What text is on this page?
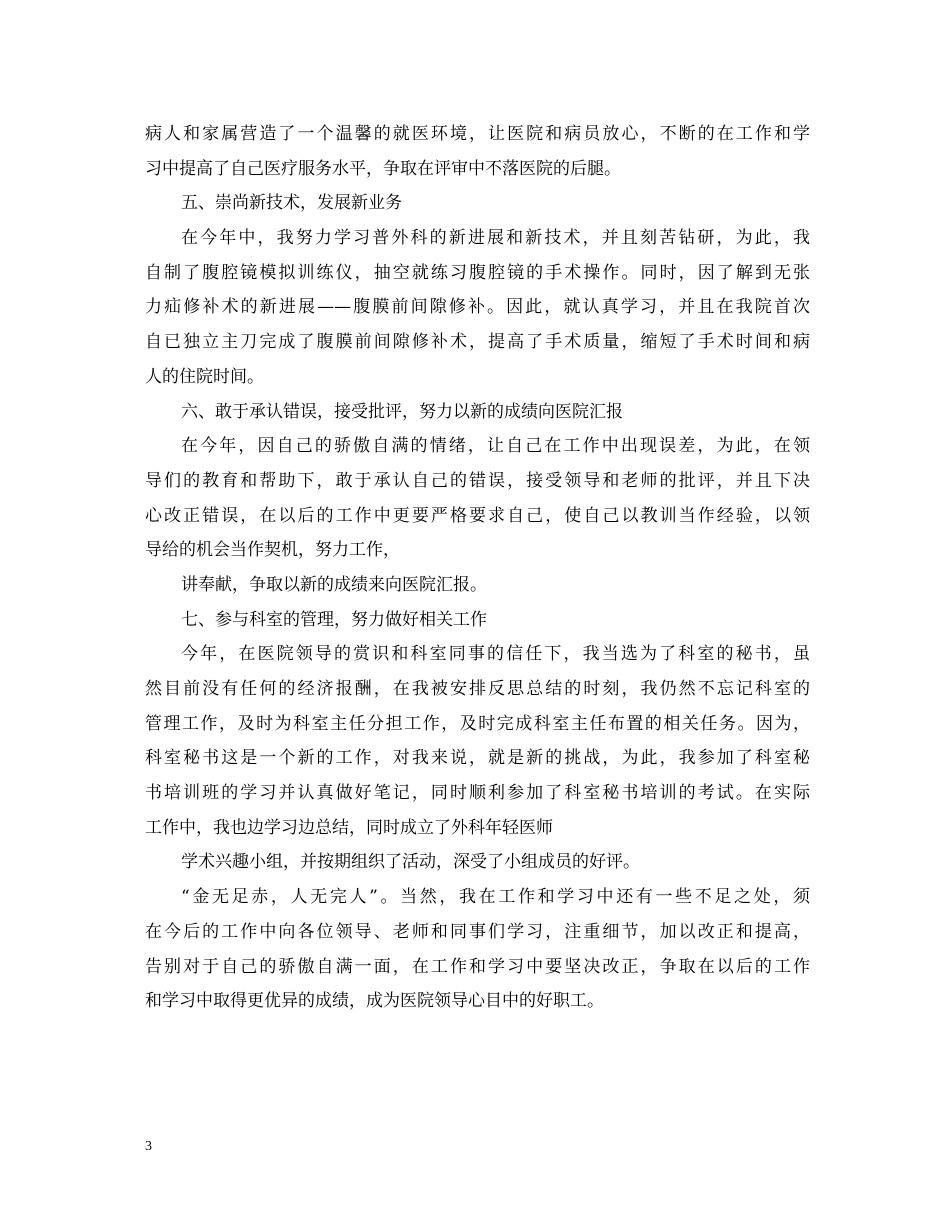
病人和家属营造了一个温馨的就医环境，让医院和病员放心，不断的在工作和学
习中提高了自己医疗服务水平，争取在评审中不落医院的后腿。
五、崇尚新技术，发展新业务
在今年中，我努力学习普外科的新进展和新技术，并且刻苦钻研，为此，我
自制了腹腔镜模拟训练仪，抽空就练习腹腔镜的手术操作。同时，因了解到无张
力疝修补术的新进展——腹膜前间隙修补。因此，就认真学习，并且在我院首次
自已独立主刀完成了腹膜前间隙修补术，提高了手术质量，缩短了手术时间和病
人的住院时间。
六、敢于承认错误，接受批评，努力以新的成绩向医院汇报
在今年，因自己的骄傲自满的情绪，让自己在工作中出现误差，为此，在领
导们的教育和帮助下，敢于承认自己的错误，接受领导和老师的批评，并且下决
心改正错误，在以后的工作中更要严格要求自己，使自己以教训当作经验，以领
导给的机会当作契机，努力工作，
讲奉献，争取以新的成绩来向医院汇报。
七、参与科室的管理，努力做好相关工作
今年，在医院领导的赏识和科室同事的信任下，我当选为了科室的秘书，虽
然目前没有任何的经济报酬，在我被安排反思总结的时刻，我仍然不忘记科室的
管理工作，及时为科室主任分担工作，及时完成科室主任布置的相关任务。因为，
科室秘书这是一个新的工作，对我来说，就是新的挑战，为此，我参加了科室秘
书培训班的学习并认真做好笔记，同时顺利参加了科室秘书培训的考试。在实际
工作中，我也边学习边总结，同时成立了外科年轻医师
学术兴趣小组，并按期组织了活动，深受了小组成员的好评。
“金无足赤，人无完人”。当然，我在工作和学习中还有一些不足之处，须
在今后的工作中向各位领导、老师和同事们学习，注重细节，加以改正和提高，
告别对于自己的骄傲自满一面，在工作和学习中要坚决改正，争取在以后的工作
和学习中取得更优异的成绩，成为医院领导心目中的好职工。
3
